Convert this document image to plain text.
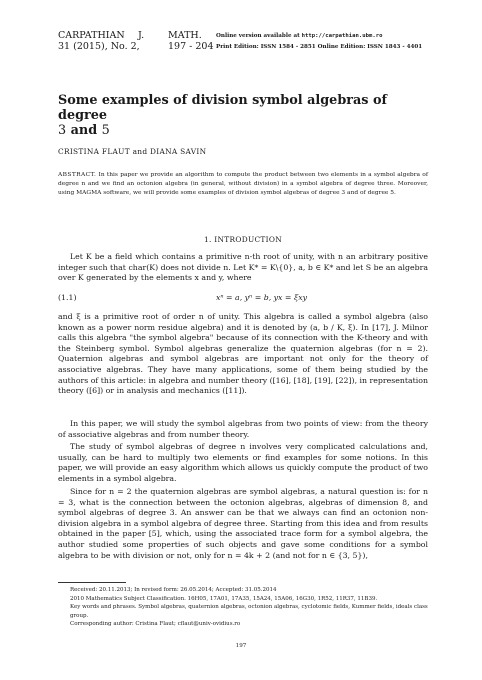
CARPATHIAN J.	MATH.
31 (2015), No. 2,	197 - 204
Online version available at http://carpathian.ubm.ro
Print Edition: ISSN 1584 - 2851 Online Edition: ISSN 1843 - 4401
Some examples of division symbol algebras of degree
3 and 5
CRISTINA FLAUT and DIANA SAVIN
ABSTRACT. In this paper we provide an algorithm to compute the product between two elements in a symbol algebra of degree n and we find an octonion algebra (in general, without division) in a symbol algebra of degree three. Moreover, using MAGMA software, we will provide some examples of division symbol algebras of degree 3 and of degree 5.
1. INTRODUCTION

Let K be a field which contains a primitive n-th root of unity, with n an arbitrary positive integer such that char(K) does not divide n. Let K* = K\{0}, a, b ∈ K* and let S be an algebra over K generated by the elements x and y, where

(1.1)	xⁿ = a, yⁿ = b, yx = ξxy

and ξ is a primitive root of order n of unity. This algebra is called a symbol algebra (also known as a power norm residue algebra) and it is denoted by (a, b / K, ξ). In [17], J. Milnor calls this algebra "the symbol algebra" because of its connection with the K-theory and with the Steinberg symbol. Symbol algebras generalize the quaternion algebras (for n = 2). Quaternion algebras and symbol algebras are important not only for the theory of associative algebras. They have many applications, some of them being studied by the authors of this article: in algebra and number theory ([16], [18], [19], [22]), in representation theory ([6]) or in analysis and mechanics ([11]).

In this paper, we will study the symbol algebras from two points of view: from the theory of associative algebras and from number theory.

The study of symbol algebras of degree n involves very complicated calculations and, usually, can be hard to multiply two elements or find examples for some notions. In this paper, we will provide an easy algorithm which allows us quickly compute the product of two elements in a symbol algebra.

Since for n = 2 the quaternion algebras are symbol algebras, a natural question is: for n = 3, what is the connection between the octonion algebras, algebras of dimension 8, and symbol algebras of degree 3. An answer can be that we always can find an octonion non-division algebra in a symbol algebra of degree three. Starting from this idea and from results obtained in the paper [5], which, using the associated trace form for a symbol algebra, the author studied some properties of such objects and gave some conditions for a symbol algebra to be with division or not, only for n = 4k + 2 (and not for n ∈ {3, 5}),

Received: 20.11.2013; In revised form: 26.05.2014; Accepted: 31.05.2014
2010 Mathematics Subject Classification. 16H05, 17A01, 17A35, 15A24, 15A06, 16G30, 1R52, 11R37, 11B39.
Key words and phrases. Symbol algebras, quaternion algebras, octonion algebras, cyclotomic fields, Kummer fields, ideals class group.
Corresponding author: Cristina Flaut; cflaut@univ-ovidius.ro
197
